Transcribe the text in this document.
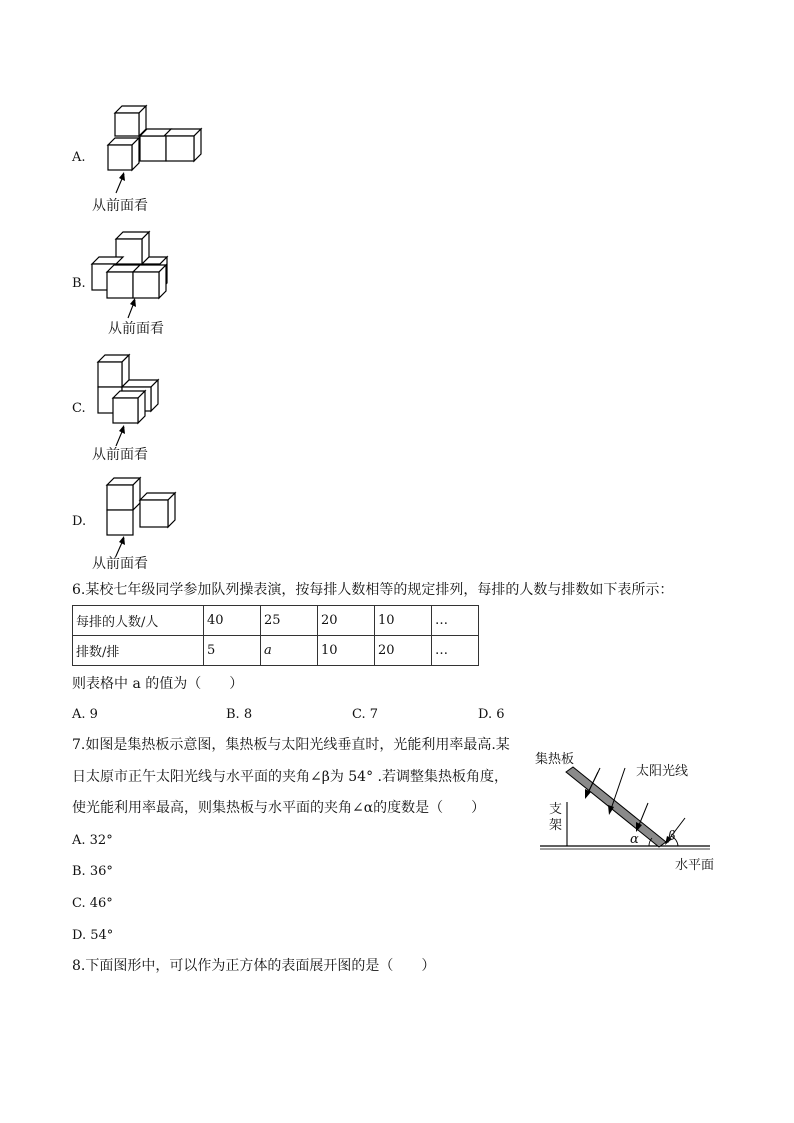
A.
从前面看
B.
从前面看
C.
从前面看
D.
从前面看
6.某校七年级同学参加队列操表演，按每排人数相等的规定排列，每排的人数与排数如下表所示：
每排的人数/人	40	25	20	10	…
排数/排	5	a	10	20	…
则表格中 a 的值为（　　）
A. 9	B. 8	C. 7	D. 6
7.如图是集热板示意图，集热板与太阳光线垂直时，光能利用率最高.某
日太原市正午太阳光线与水平面的夹角∠β为 54° .若调整集热板角度，
使光能利用率最高，则集热板与水平面的夹角∠α的度数是（　　）
A. 32°
B. 36°
C. 46°
D. 54°
集热板
太阳光线
支架
α β
水平面
8.下面图形中，可以作为正方体的表面展开图的是（　　）
